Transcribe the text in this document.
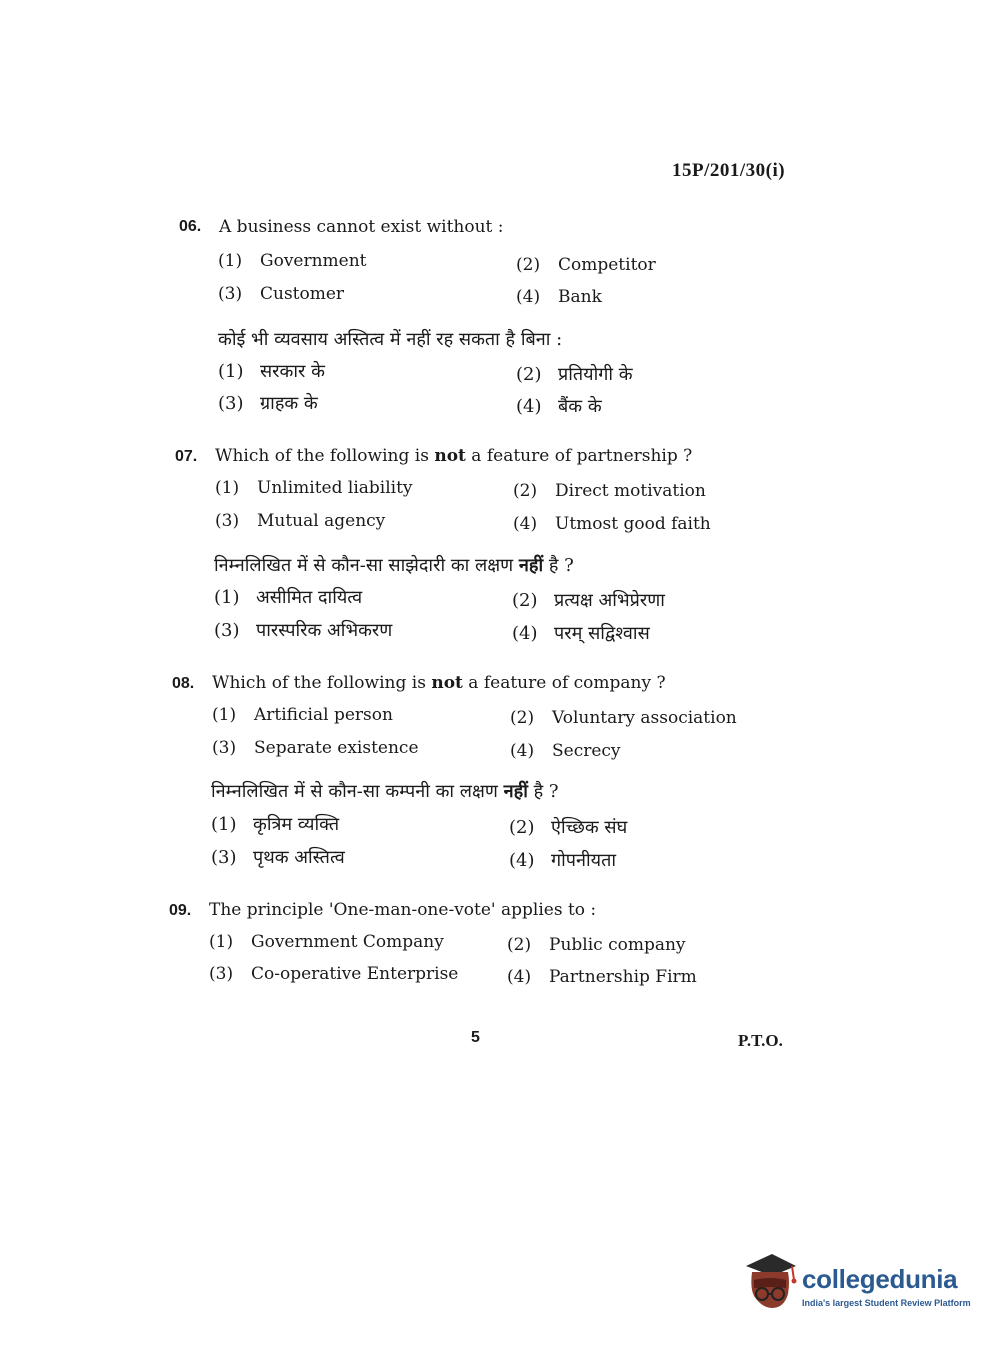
15P/201/30(i)
06. A business cannot exist without :
(1) Government	(2) Competitor
(3) Customer	(4) Bank
कोई भी व्यवसाय अस्तित्व में नहीं रह सकता है बिना :
(1) सरकार के	(2) प्रतियोगी के
(3) ग्राहक के	(4) बैंक के
07. Which of the following is not a feature of partnership ?
(1) Unlimited liability	(2) Direct motivation
(3) Mutual agency	(4) Utmost good faith
निम्नलिखित में से कौन-सा साझेदारी का लक्षण नहीं है ?
(1) असीमित दायित्व	(2) प्रत्यक्ष अभिप्रेरणा
(3) पारस्परिक अभिकरण	(4) परम् सद्विश्वास
08. Which of the following is not a feature of company ?
(1) Artificial person	(2) Voluntary association
(3) Separate existence	(4) Secrecy
निम्नलिखित में से कौन-सा कम्पनी का लक्षण नहीं है ?
(1) कृत्रिम व्यक्ति	(2) ऐच्छिक संघ
(3) पृथक अस्तित्व	(4) गोपनीयता
09. The principle 'One-man-one-vote' applies to :
(1) Government Company	(2) Public company
(3) Co-operative Enterprise	(4) Partnership Firm
5	P.T.O.
collegedunia
India's largest Student Review Platform
